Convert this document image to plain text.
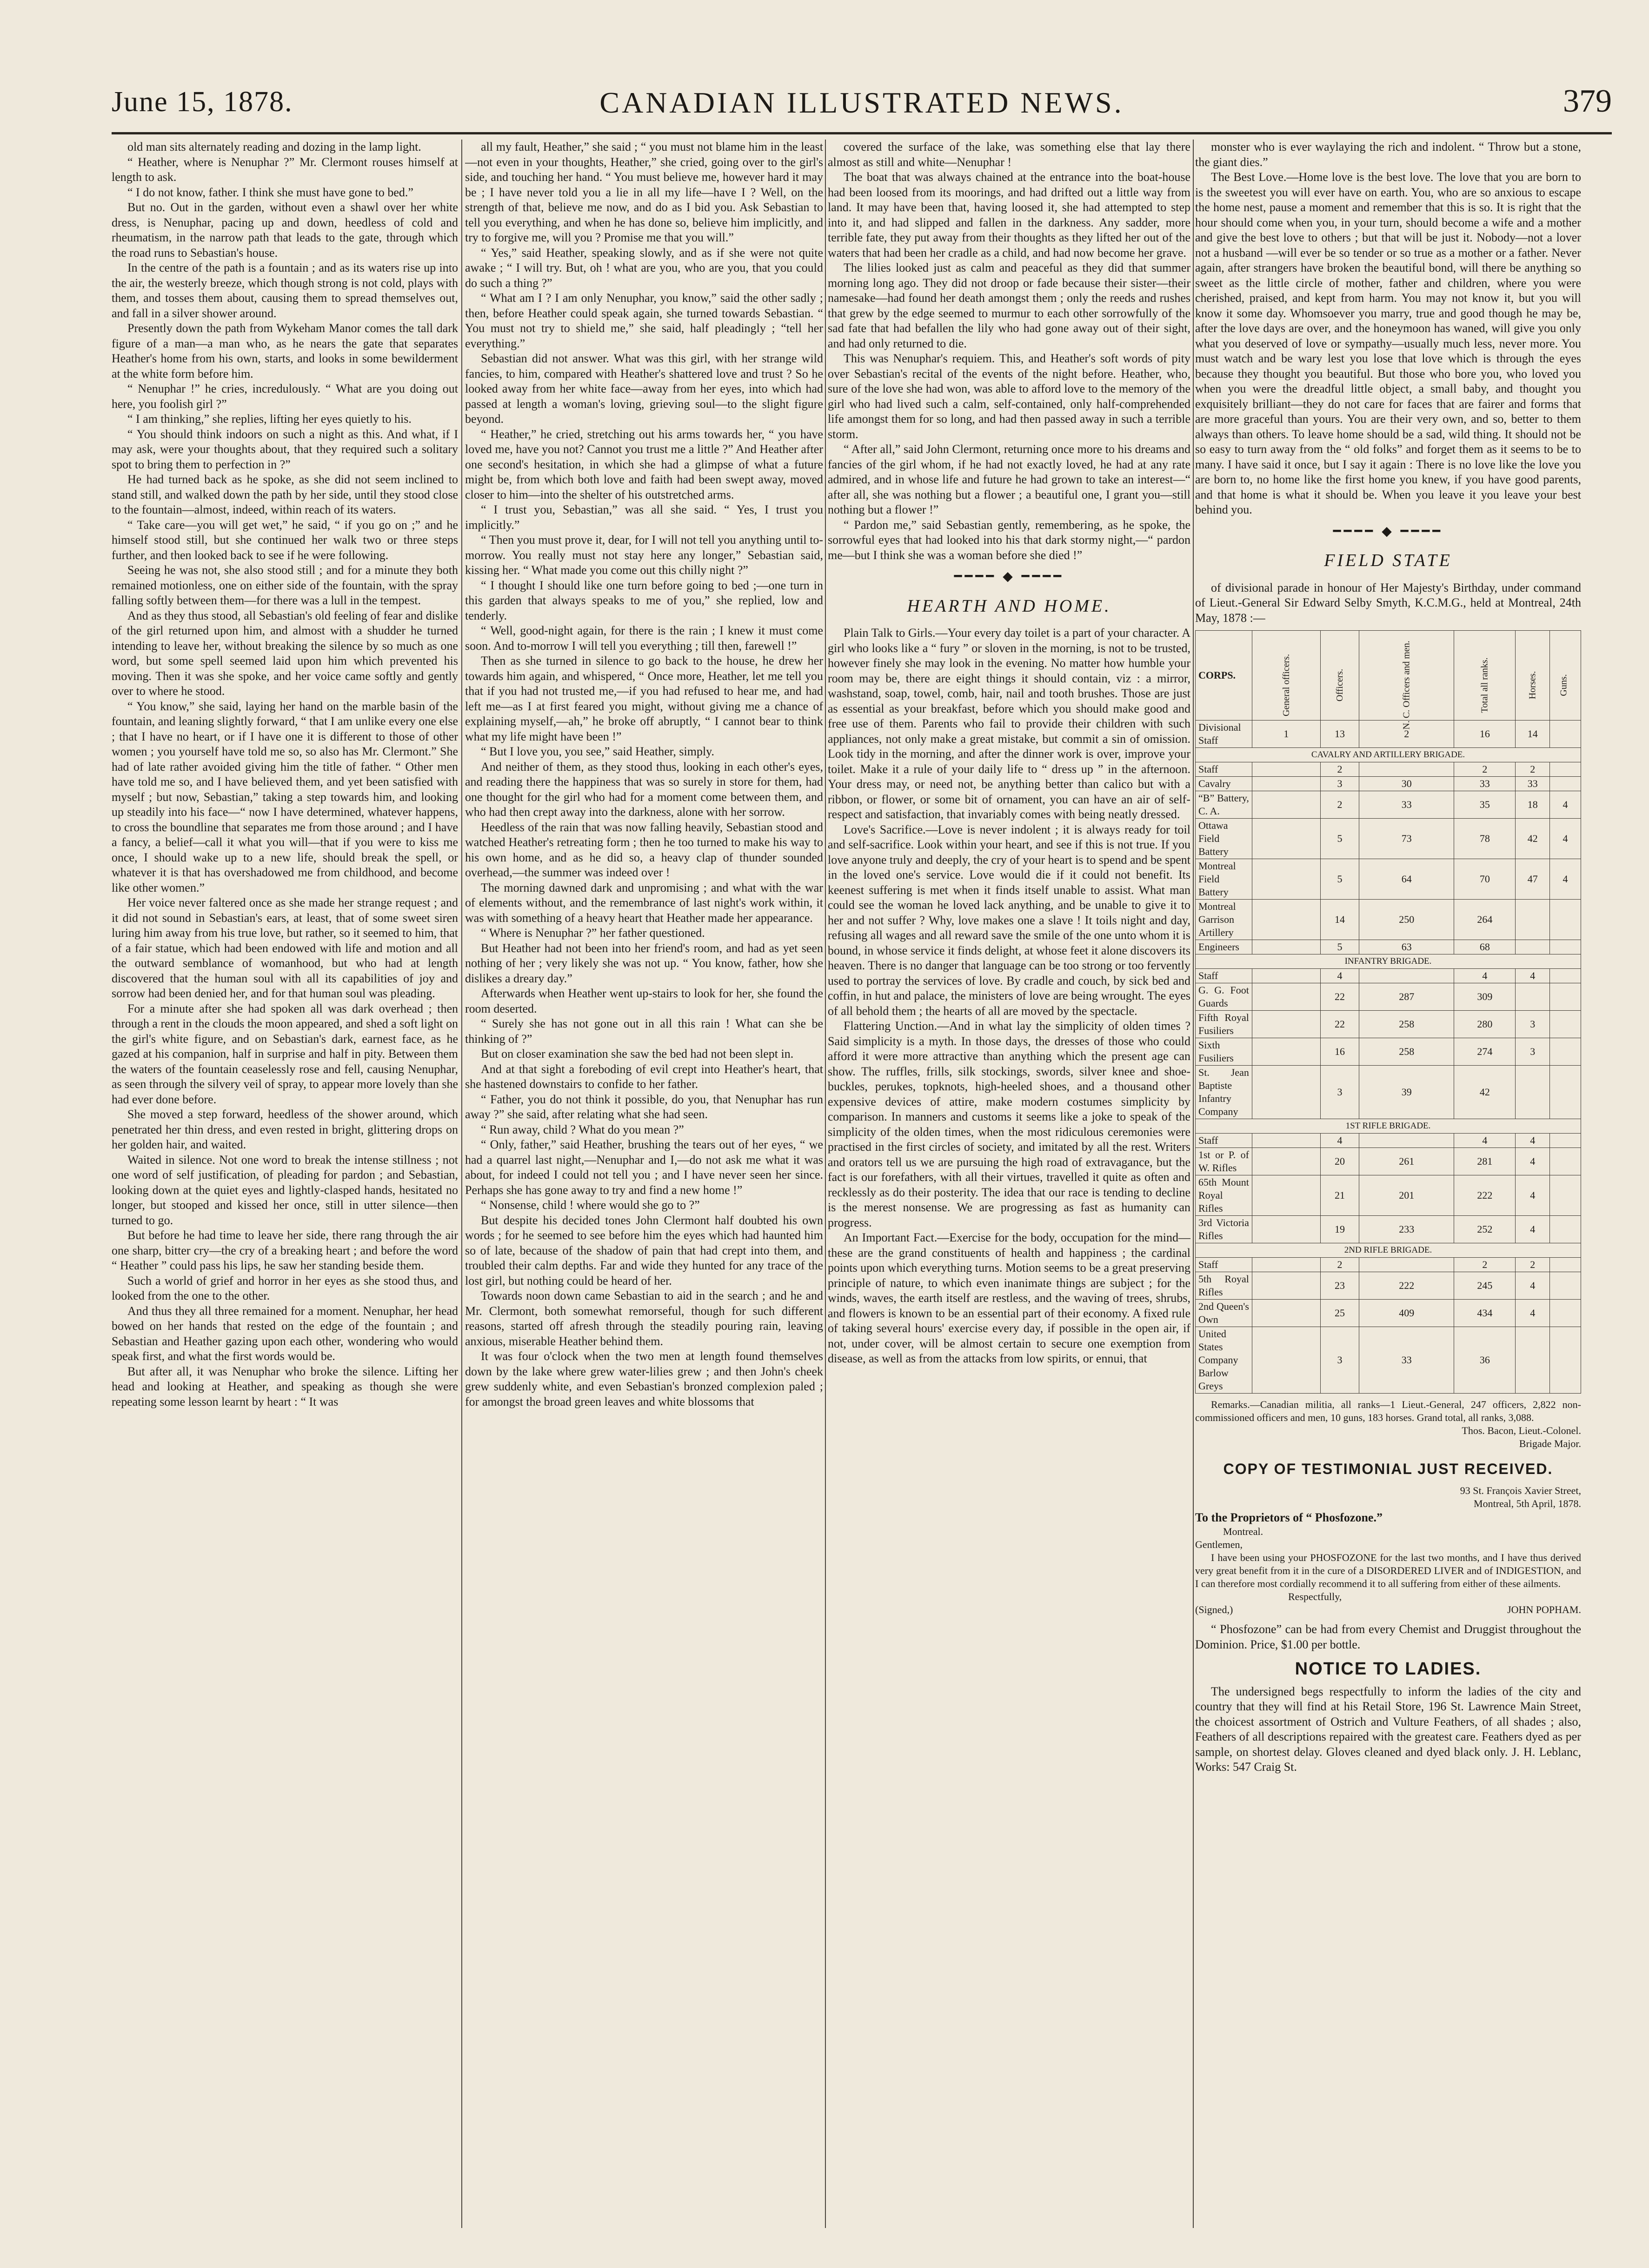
June 15, 1878.	CANADIAN ILLUSTRATED NEWS.	379

old man sits alternately reading and dozing in the lamp light.

“ Heather, where is Nenuphar ?” Mr. Clermont rouses himself at length to ask.

“ I do not know, father. I think she must have gone to bed.”

But no. Out in the garden, without even a shawl over her white dress, is Nenuphar, pacing up and down, heedless of cold and rheumatism, in the narrow path that leads to the gate, through which the road runs to Sebastian's house.

In the centre of the path is a fountain ; and as its waters rise up into the air, the westerly breeze, which though strong is not cold, plays with them, and tosses them about, causing them to spread themselves out, and fall in a silver shower around.

Presently down the path from Wykeham Manor comes the tall dark figure of a man—a man who, as he nears the gate that separates Heather's home from his own, starts, and looks in some bewilderment at the white form before him.

“ Nenuphar !” he cries, incredulously. “ What are you doing out here, you foolish girl ?”

“ I am thinking,” she replies, lifting her eyes quietly to his.

“ You should think indoors on such a night as this. And what, if I may ask, were your thoughts about, that they required such a solitary spot to bring them to perfection in ?”

He had turned back as he spoke, as she did not seem inclined to stand still, and walked down the path by her side, until they stood close to the fountain—almost, indeed, within reach of its waters.

“ Take care—you will get wet,” he said, “ if you go on ;” and he himself stood still, but she continued her walk two or three steps further, and then looked back to see if he were following.

Seeing he was not, she also stood still ; and for a minute they both remained motionless, one on either side of the fountain, with the spray falling softly between them—for there was a lull in the tempest.

And as they thus stood, all Sebastian's old feeling of fear and dislike of the girl returned upon him, and almost with a shudder he turned intending to leave her, without breaking the silence by so much as one word, but some spell seemed laid upon him which prevented his moving. Then it was she spoke, and her voice came softly and gently over to where he stood.

“ You know,” she said, laying her hand on the marble basin of the fountain, and leaning slightly forward, “ that I am unlike every one else ; that I have no heart, or if I have one it is different to those of other women ; you yourself have told me so, so also has Mr. Clermont.” She had of late rather avoided giving him the title of father. “ Other men have told me so, and I have believed them, and yet been satisfied with myself ; but now, Sebastian,” taking a step towards him, and looking up steadily into his face—“ now I have determined, whatever happens, to cross the boundline that separates me from those around ; and I have a fancy, a belief—call it what you will—that if you were to kiss me once, I should wake up to a new life, should break the spell, or whatever it is that has overshadowed me from childhood, and become like other women.”

Her voice never faltered once as she made her strange request ; and it did not sound in Sebastian's ears, at least, that of some sweet siren luring him away from his true love, but rather, so it seemed to him, that of a fair statue, which had been endowed with life and motion and all the outward semblance of womanhood, but who had at length discovered that the human soul with all its capabilities of joy and sorrow had been denied her, and for that human soul was pleading.

For a minute after she had spoken all was dark overhead ; then through a rent in the clouds the moon appeared, and shed a soft light on the girl's white figure, and on Sebastian's dark, earnest face, as he gazed at his companion, half in surprise and half in pity. Between them the waters of the fountain ceaselessly rose and fell, causing Nenuphar, as seen through the silvery veil of spray, to appear more lovely than she had ever done before.

She moved a step forward, heedless of the shower around, which penetrated her thin dress, and even rested in bright, glittering drops on her golden hair, and waited.

Waited in silence. Not one word to break the intense stillness ; not one word of self justification, of pleading for pardon ; and Sebastian, looking down at the quiet eyes and lightly-clasped hands, hesitated no longer, but stooped and kissed her once, still in utter silence—then turned to go.

But before he had time to leave her side, there rang through the air one sharp, bitter cry—the cry of a breaking heart ; and before the word “ Heather ” could pass his lips, he saw her standing beside them.

Such a world of grief and horror in her eyes as she stood thus, and looked from the one to the other.

And thus they all three remained for a moment. Nenuphar, her head bowed on her hands that rested on the edge of the fountain ; and Sebastian and Heather gazing upon each other, wondering who would speak first, and what the first words would be.

But after all, it was Nenuphar who broke the silence. Lifting her head and looking at Heather, and speaking as though she were repeating some lesson learnt by heart : “ It was

all my fault, Heather,” she said ; “ you must not blame him in the least—not even in your thoughts, Heather,” she cried, going over to the girl's side, and touching her hand. “ You must believe me, however hard it may be ; I have never told you a lie in all my life—have I ? Well, on the strength of that, believe me now, and do as I bid you. Ask Sebastian to tell you everything, and when he has done so, believe him implicitly, and try to forgive me, will you ? Promise me that you will.”

“ Yes,” said Heather, speaking slowly, and as if she were not quite awake ; “ I will try. But, oh ! what are you, who are you, that you could do such a thing ?”

“ What am I ? I am only Nenuphar, you know,” said the other sadly ; then, before Heather could speak again, she turned towards Sebastian. “ You must not try to shield me,” she said, half pleadingly ; “tell her everything.”

Sebastian did not answer. What was this girl, with her strange wild fancies, to him, compared with Heather's shattered love and trust ? So he looked away from her white face—away from her eyes, into which had passed at length a woman's loving, grieving soul—to the slight figure beyond.

“ Heather,” he cried, stretching out his arms towards her, “ you have loved me, have you not? Cannot you trust me a little ?” And Heather after one second's hesitation, in which she had a glimpse of what a future might be, from which both love and faith had been swept away, moved closer to him—into the shelter of his outstretched arms.

“ I trust you, Sebastian,” was all she said. “ Yes, I trust you implicitly.”

“ Then you must prove it, dear, for I will not tell you anything until to-morrow. You really must not stay here any longer,” Sebastian said, kissing her. “ What made you come out this chilly night ?”

“ I thought I should like one turn before going to bed ;—one turn in this garden that always speaks to me of you,” she replied, low and tenderly.

“ Well, good-night again, for there is the rain ; I knew it must come soon. And to-morrow I will tell you everything ; till then, farewell !”

Then as she turned in silence to go back to the house, he drew her towards him again, and whispered, “ Once more, Heather, let me tell you that if you had not trusted me,—if you had refused to hear me, and had left me—as I at first feared you might, without giving me a chance of explaining myself,—ah,” he broke off abruptly, “ I cannot bear to think what my life might have been !”

“ But I love you, you see,” said Heather, simply.

And neither of them, as they stood thus, looking in each other's eyes, and reading there the happiness that was so surely in store for them, had one thought for the girl who had for a moment come between them, and who had then crept away into the darkness, alone with her sorrow.

Heedless of the rain that was now falling heavily, Sebastian stood and watched Heather's retreating form ; then he too turned to make his way to his own home, and as he did so, a heavy clap of thunder sounded overhead,—the summer was indeed over !

The morning dawned dark and unpromising ; and what with the war of elements without, and the remembrance of last night's work within, it was with something of a heavy heart that Heather made her appearance.

“ Where is Nenuphar ?” her father questioned.

But Heather had not been into her friend's room, and had as yet seen nothing of her ; very likely she was not up. “ You know, father, how she dislikes a dreary day.”

Afterwards when Heather went up-stairs to look for her, she found the room deserted.

“ Surely she has not gone out in all this rain ! What can she be thinking of ?”

But on closer examination she saw the bed had not been slept in.

And at that sight a foreboding of evil crept into Heather's heart, that she hastened downstairs to confide to her father.

“ Father, you do not think it possible, do you, that Nenuphar has run away ?” she said, after relating what she had seen.

“ Run away, child ? What do you mean ?”

“ Only, father,” said Heather, brushing the tears out of her eyes, “ we had a quarrel last night,—Nenuphar and I,—do not ask me what it was about, for indeed I could not tell you ; and I have never seen her since. Perhaps she has gone away to try and find a new home !”

“ Nonsense, child ! where would she go to ?”

But despite his decided tones John Clermont half doubted his own words ; for he seemed to see before him the eyes which had haunted him so of late, because of the shadow of pain that had crept into them, and troubled their calm depths. Far and wide they hunted for any trace of the lost girl, but nothing could be heard of her.

Towards noon down came Sebastian to aid in the search ; and he and Mr. Clermont, both somewhat remorseful, though for such different reasons, started off afresh through the steadily pouring rain, leaving anxious, miserable Heather behind them.

It was four o'clock when the two men at length found themselves down by the lake where grew water-lilies grew ; and then John's cheek grew suddenly white, and even Sebastian's bronzed complexion paled ; for amongst the broad green leaves and white blossoms that

covered the surface of the lake, was something else that lay there almost as still and white—Nenuphar !

The boat that was always chained at the entrance into the boat-house had been loosed from its moorings, and had drifted out a little way from land. It may have been that, having loosed it, she had attempted to step into it, and had slipped and fallen in the darkness. Any sadder, more terrible fate, they put away from their thoughts as they lifted her out of the waters that had been her cradle as a child, and had now become her grave.

The lilies looked just as calm and peaceful as they did that summer morning long ago. They did not droop or fade because their sister—their namesake—had found her death amongst them ; only the reeds and rushes that grew by the edge seemed to murmur to each other sorrowfully of the sad fate that had befallen the lily who had gone away out of their sight, and had only returned to die.

This was Nenuphar's requiem. This, and Heather's soft words of pity over Sebastian's recital of the events of the night before. Heather, who, sure of the love she had won, was able to afford love to the memory of the girl who had lived such a calm, self-contained, only half-comprehended life amongst them for so long, and had then passed away in such a terrible storm.

“ After all,” said John Clermont, returning once more to his dreams and fancies of the girl whom, if he had not exactly loved, he had at any rate admired, and in whose life and future he had grown to take an interest—“ after all, she was nothing but a flower ; a beautiful one, I grant you—still nothing but a flower !”

“ Pardon me,” said Sebastian gently, remembering, as he spoke, the sorrowful eyes that had looked into his that dark stormy night,—“ pardon me—but I think she was a woman before she died !”

━━━━ ◆ ━━━━
HEARTH AND HOME.

Plain Talk to Girls.—Your every day toilet is a part of your character. A girl who looks like a “ fury ” or sloven in the morning, is not to be trusted, however finely she may look in the evening. No matter how humble your room may be, there are eight things it should contain, viz : a mirror, washstand, soap, towel, comb, hair, nail and tooth brushes. Those are just as essential as your breakfast, before which you should make good and free use of them. Parents who fail to provide their children with such appliances, not only make a great mistake, but commit a sin of omission. Look tidy in the morning, and after the dinner work is over, improve your toilet. Make it a rule of your daily life to “ dress up ” in the afternoon. Your dress may, or need not, be anything better than calico but with a ribbon, or flower, or some bit of ornament, you can have an air of self-respect and satisfaction, that invariably comes with being neatly dressed.

Love's Sacrifice.—Love is never indolent ; it is always ready for toil and self-sacrifice. Look within your heart, and see if this is not true. If you love anyone truly and deeply, the cry of your heart is to spend and be spent in the loved one's service. Love would die if it could not benefit. Its keenest suffering is met when it finds itself unable to assist. What man could see the woman he loved lack anything, and be unable to give it to her and not suffer ? Why, love makes one a slave ! It toils night and day, refusing all wages and all reward save the smile of the one unto whom it is bound, in whose service it finds delight, at whose feet it alone discovers its heaven. There is no danger that language can be too strong or too fervently used to portray the services of love. By cradle and couch, by sick bed and coffin, in hut and palace, the ministers of love are being wrought. The eyes of all behold them ; the hearts of all are moved by the spectacle.

Flattering Unction.—And in what lay the simplicity of olden times ? Said simplicity is a myth. In those days, the dresses of those who could afford it were more attractive than anything which the present age can show. The ruffles, frills, silk stockings, swords, silver knee and shoe-buckles, perukes, topknots, high-heeled shoes, and a thousand other expensive devices of attire, make modern costumes simplicity by comparison. In manners and customs it seems like a joke to speak of the simplicity of the olden times, when the most ridiculous ceremonies were practised in the first circles of society, and imitated by all the rest. Writers and orators tell us we are pursuing the high road of extravagance, but the fact is our forefathers, with all their virtues, travelled it quite as often and recklessly as do their posterity. The idea that our race is tending to decline is the merest nonsense. We are progressing as fast as humanity can progress.

An Important Fact.—Exercise for the body, occupation for the mind—these are the grand constituents of health and happiness ; the cardinal points upon which everything turns. Motion seems to be a great preserving principle of nature, to which even inanimate things are subject ; for the winds, waves, the earth itself are restless, and the waving of trees, shrubs, and flowers is known to be an essential part of their economy. A fixed rule of taking several hours' exercise every day, if possible in the open air, if not, under cover, will be almost certain to secure one exemption from disease, as well as from the attacks from low spirits, or ennui, that

monster who is ever waylaying the rich and indolent. “ Throw but a stone, the giant dies.”

The Best Love.—Home love is the best love. The love that you are born to is the sweetest you will ever have on earth. You, who are so anxious to escape the home nest, pause a moment and remember that this is so. It is right that the hour should come when you, in your turn, should become a wife and a mother and give the best love to others ; but that will be just it. Nobody—not a lover not a husband —will ever be so tender or so true as a mother or a father. Never again, after strangers have broken the beautiful bond, will there be anything so sweet as the little circle of mother, father and children, where you were cherished, praised, and kept from harm. You may not know it, but you will know it some day. Whomsoever you marry, true and good though he may be, after the love days are over, and the honeymoon has waned, will give you only what you deserved of love or sympathy—usually much less, never more. You must watch and be wary lest you lose that love which is through the eyes because they thought you beautiful. But those who bore you, who loved you when you were the dreadful little object, a small baby, and thought you exquisitely brilliant—they do not care for faces that are fairer and forms that are more graceful than yours. You are their very own, and so, better to them always than others. To leave home should be a sad, wild thing. It should not be so easy to turn away from the “ old folks” and forget them as it seems to be to many. I have said it once, but I say it again : There is no love like the love you are born to, no home like the first home you knew, if you have good parents, and that home is what it should be. When you leave it you leave your best behind you.

━━━━ ◆ ━━━━
FIELD STATE

of divisional parade in honour of Her Majesty's Birthday, under command of Lieut.-General Sir Edward Selby Smyth, K.C.M.G., held at Montreal, 24th May, 1878 :—

CORPS.	General officers.	Officers.	N. C. Officers and men.	Total all ranks.	Horses.	Guns.
Divisional Staff	1	13	2	16	14	
CAVALRY AND ARTILLERY BRIGADE.						
Staff		2		2	2	
Cavalry		3	30	33	33	
“B” Battery, C. A.		2	33	35	18	4
Ottawa Field Battery		5	73	78	42	4
Montreal Field Battery		5	64	70	47	4
Montreal Garrison Artillery		14	250	264		
Engineers		5	63	68		
INFANTRY BRIGADE.						
Staff		4		4	4	
G. G. Foot Guards		22	287	309		
Fifth Royal Fusiliers		22	258	280	3	
Sixth Fusiliers		16	258	274	3	
St. Jean Baptiste Infantry Company		3	39	42		
1ST RIFLE BRIGADE.						
Staff		4		4	4	
1st or P. of W. Rifles		20	261	281	4	
65th Mount Royal Rifles		21	201	222	4	
3rd Victoria Rifles		19	233	252	4	
2ND RIFLE BRIGADE.						
Staff		2		2	2	
5th Royal Rifles		23	222	245	4	
2nd Queen's Own		25	409	434	4	
United States Company Barlow Greys		3	33	36		

Remarks.—Canadian militia, all ranks—1 Lieut.-General, 247 officers, 2,822 non-commissioned officers and men, 10 guns, 183 horses. Grand total, all ranks, 3,088.

Thos. Bacon, Lieut.-Colonel.
Brigade Major.
COPY OF TESTIMONIAL JUST RECEIVED.
93 St. François Xavier Street,
Montreal, 5th April, 1878.
To the Proprietors of “ Phosfozone.”
Montreal.
Gentlemen,

I have been using your PHOSFOZONE for the last two months, and I have thus derived very great benefit from it in the cure of a DISORDERED LIVER and of INDIGESTION, and I can therefore most cordially recommend it to all suffering from either of these ailments.

Respectfully,
(Signed,)	JOHN POPHAM.

“ Phosfozone” can be had from every Chemist and Druggist throughout the Dominion. Price, $1.00 per bottle.

NOTICE TO LADIES.

The undersigned begs respectfully to inform the ladies of the city and country that they will find at his Retail Store, 196 St. Lawrence Main Street, the choicest assortment of Ostrich and Vulture Feathers, of all shades ; also, Feathers of all descriptions repaired with the greatest care. Feathers dyed as per sample, on shortest delay. Gloves cleaned and dyed black only. J. H. Leblanc, Works: 547 Craig St.
